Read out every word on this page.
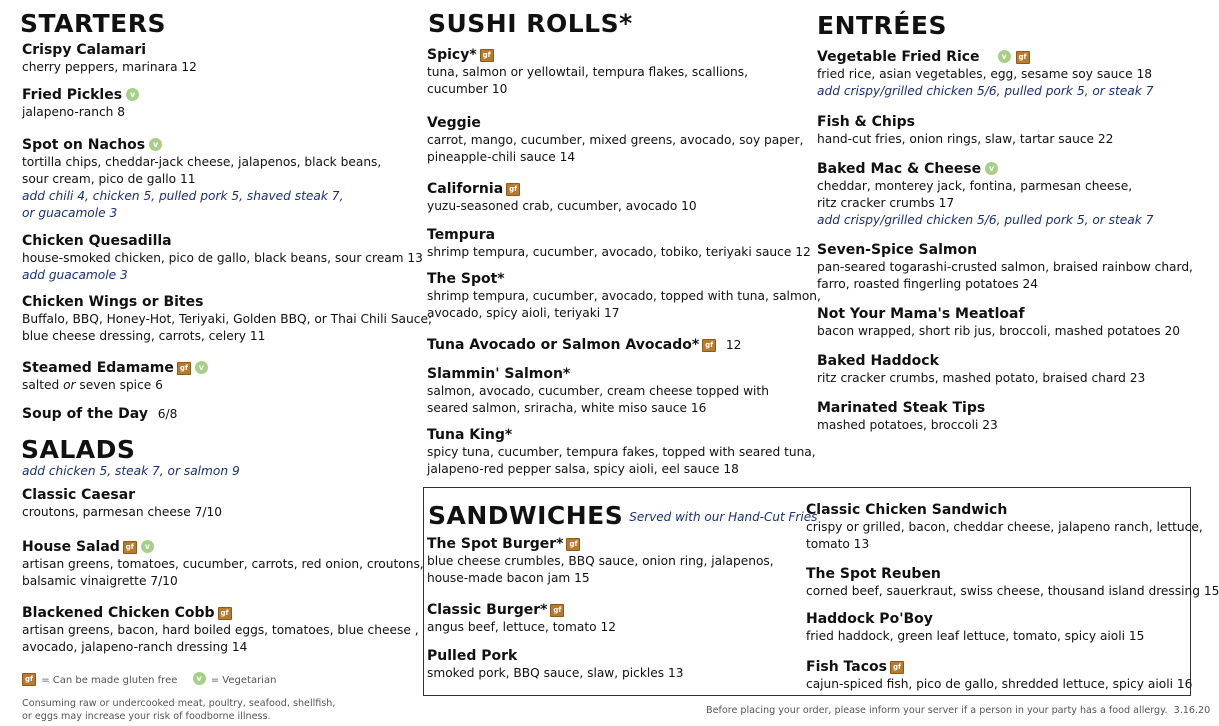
STARTERS
Crispy Calamari
cherry peppers, marinara 12
Fried Pickles v
jalapeno-ranch 8
Spot on Nachos v
tortilla chips, cheddar-jack cheese, jalapenos, black beans,
sour cream, pico de gallo 11
add chili 4, chicken 5, pulled pork 5, shaved steak 7,
or guacamole 3
Chicken Quesadilla
house-smoked chicken, pico de gallo, black beans, sour cream 13
add guacamole 3
Chicken Wings or Bites
Buffalo, BBQ, Honey-Hot, Teriyaki, Golden BBQ, or Thai Chili Sauce;
blue cheese dressing, carrots, celery 11
Steamed Edamame gf v
salted or seven spice 6
Soup of the Day 6/8
SALADS
add chicken 5, steak 7, or salmon 9
Classic Caesar
croutons, parmesan cheese 7/10
House Salad gf v
artisan greens, tomatoes, cucumber, carrots, red onion, croutons,
balsamic vinaigrette 7/10
Blackened Chicken Cobb gf
artisan greens, bacon, hard boiled eggs, tomatoes, blue cheese ,
avocado, jalapeno-ranch dressing 14
gf = Can be made gluten free v = Vegetarian
Consuming raw or undercooked meat, poultry, seafood, shellfish,
or eggs may increase your risk of foodborne illness.
SUSHI ROLLS*
Spicy* gf
tuna, salmon or yellowtail, tempura flakes, scallions,
cucumber 10
Veggie
carrot, mango, cucumber, mixed greens, avocado, soy paper,
pineapple-chili sauce 14
California gf
yuzu-seasoned crab, cucumber, avocado 10
Tempura
shrimp tempura, cucumber, avocado, tobiko, teriyaki sauce 12
The Spot*
shrimp tempura, cucumber, avocado, topped with tuna, salmon,
avocado, spicy aioli, teriyaki 17
Tuna Avocado or Salmon Avocado* gf 12
Slammin' Salmon*
salmon, avocado, cucumber, cream cheese topped with
seared salmon, sriracha, white miso sauce 16
Tuna King*
spicy tuna, cucumber, tempura fakes, topped with seared tuna,
jalapeno-red pepper salsa, spicy aioli, eel sauce 18
ENTRÉES
Vegetable Fried Rice	v gf
fried rice, asian vegetables, egg, sesame soy sauce 18
add crispy/grilled chicken 5/6, pulled pork 5, or steak 7
Fish & Chips
hand-cut fries, onion rings, slaw, tartar sauce 22
Baked Mac & Cheese v
cheddar, monterey jack, fontina, parmesan cheese,
ritz cracker crumbs 17
add crispy/grilled chicken 5/6, pulled pork 5, or steak 7
Seven-Spice Salmon
pan-seared togarashi-crusted salmon, braised rainbow chard,
farro, roasted fingerling potatoes 24
Not Your Mama's Meatloaf
bacon wrapped, short rib jus, broccoli, mashed potatoes 20
Baked Haddock
ritz cracker crumbs, mashed potato, braised chard 23
Marinated Steak Tips
mashed potatoes, broccoli 23
SANDWICHES $^{Served with our Hand-Cut Fries}$
The Spot Burger* gf
blue cheese crumbles, BBQ sauce, onion ring, jalapenos,
house-made bacon jam 15
Classic Burger* gf
angus beef, lettuce, tomato 12
Pulled Pork
smoked pork, BBQ sauce, slaw, pickles 13
Classic Chicken Sandwich
crispy or grilled, bacon, cheddar cheese, jalapeno ranch, lettuce,
tomato 13
The Spot Reuben
corned beef, sauerkraut, swiss cheese, thousand island dressing 15
Haddock Po'Boy
fried haddock, green leaf lettuce, tomato, spicy aioli 15
Fish Tacos gf
cajun-spiced fish, pico de gallo, shredded lettuce, spicy aioli 16
Before placing your order, please inform your server if a person in your party has a food allergy. 3.16.20
